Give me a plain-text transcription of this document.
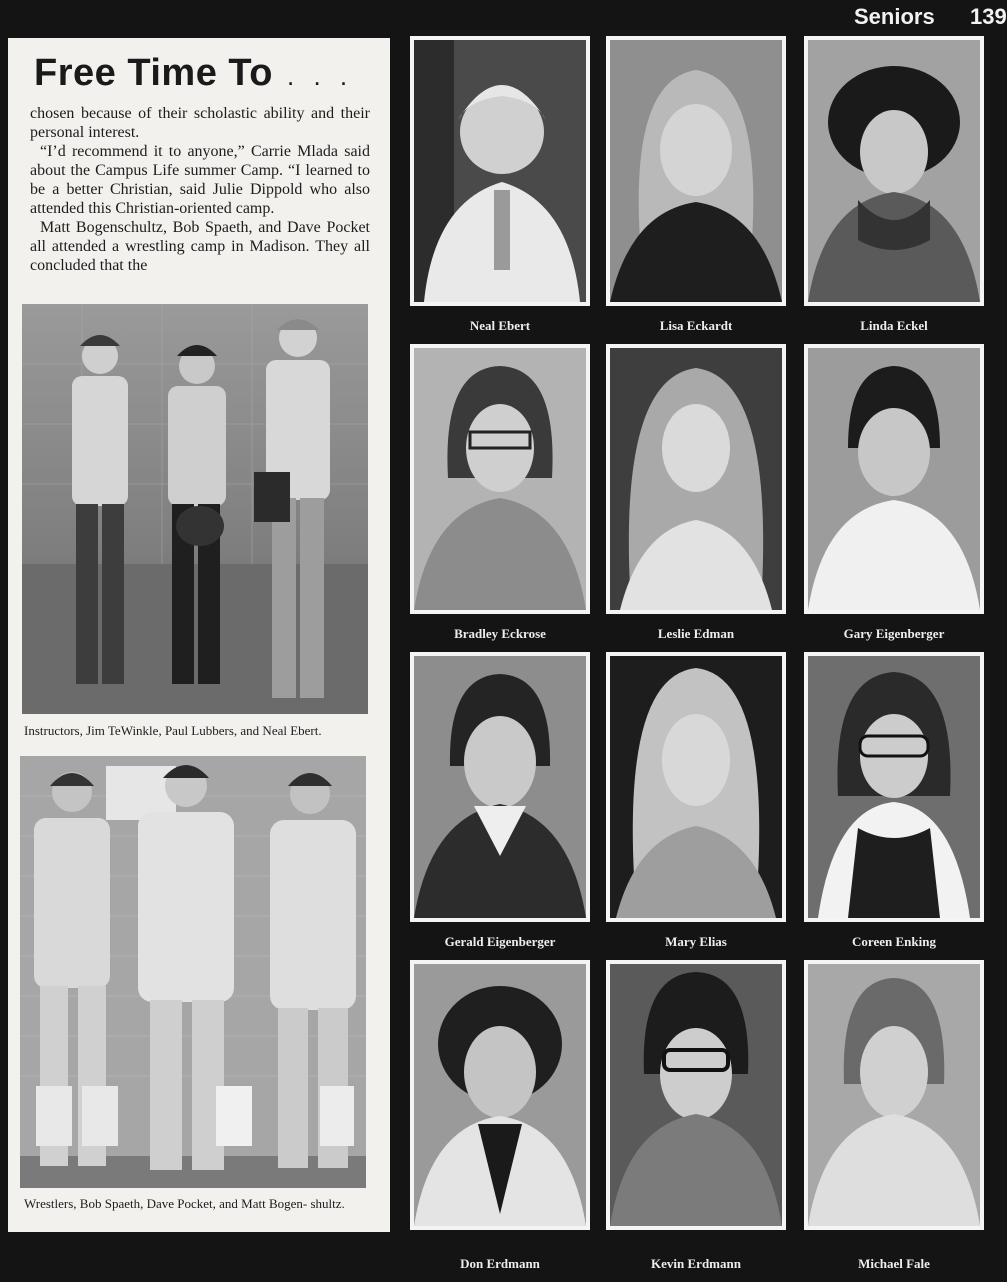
Seniors 139
Free Time To . . .

chosen because of their scholastic ability and their personal interest.

“I’d recommend it to anyone,” Carrie Mlada said about the Campus Life summer Camp. “I learned to be a better Christian, said Julie Dippold who also attended this Christian-oriented camp.

Matt Bogenschultz, Bob Spaeth, and Dave Pocket all attended a wrestling camp in Madison. They all concluded that the

Instructors, Jim TeWinkle, Paul Lubbers, and Neal Ebert.
Wrestlers, Bob Spaeth, Dave Pocket, and Matt Bogen- shultz.
Neal Ebert	Lisa Eckardt	Linda Eckel
Bradley Eckrose	Leslie Edman	Gary Eigenberger
Gerald Eigenberger	Mary Elias	Coreen Enking
Don Erdmann	Kevin Erdmann	Michael Fale
